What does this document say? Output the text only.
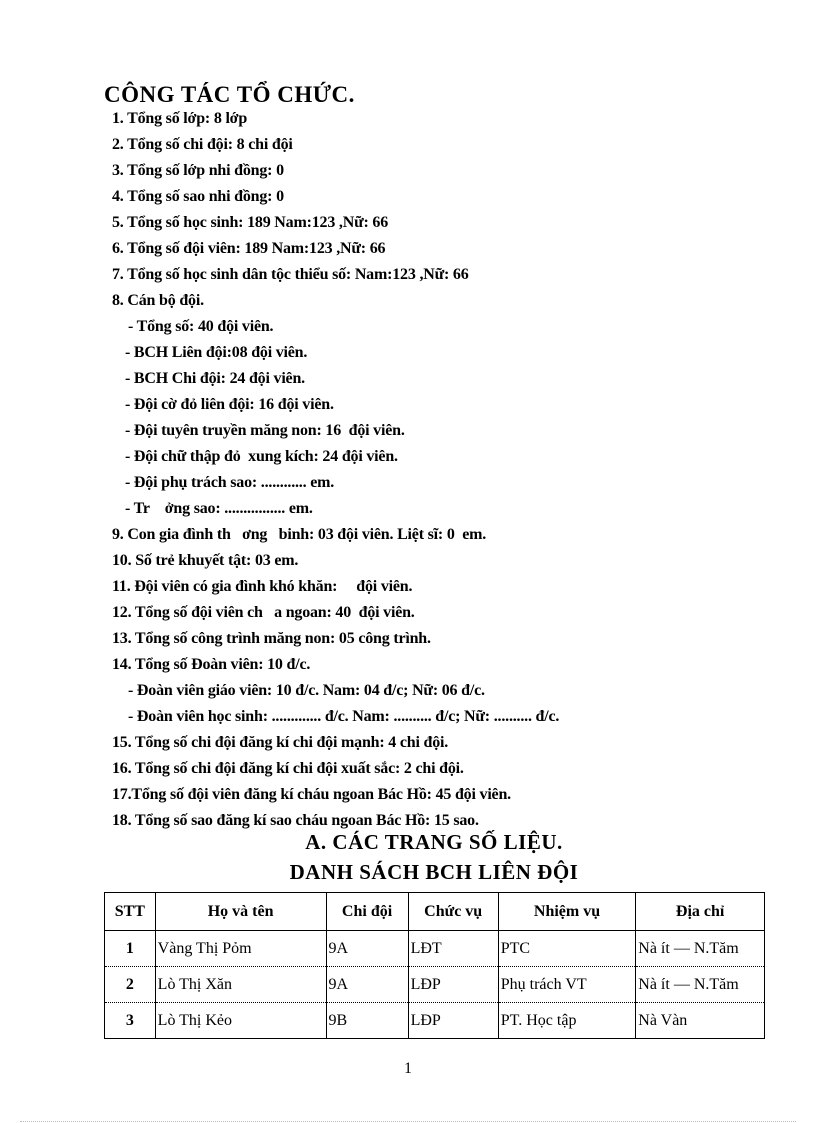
CÔNG TÁC TỔ CHỨC.
1. Tổng số lớp: 8 lớp
2. Tổng số chi đội: 8 chi đội
3. Tổng số lớp nhi đồng: 0
4. Tổng số sao nhi đồng: 0
5. Tổng số học sinh: 189 Nam:123 ,Nữ: 66
6. Tổng số đội viên: 189 Nam:123 ,Nữ: 66
7. Tổng số học sinh dân tộc thiểu số: Nam:123 ,Nữ: 66
8. Cán bộ đội.
- Tổng số: 40 đội viên.
- BCH Liên đội:08 đội viên.
- BCH Chi đội: 24 đội viên.
- Đội cờ đỏ liên đội: 16 đội viên.
- Đội tuyên truyền măng non: 16  đội viên.
- Đội chữ thập đỏ  xung kích: 24 đội viên.
- Đội phụ trách sao: ............ em.
- Tr    ởng sao: ................ em.
9. Con gia đình th   ơng   binh: 03 đội viên. Liệt sĩ: 0  em.
10. Số trẻ khuyết tật: 03 em.
11. Đội viên có gia đình khó khăn:     đội viên.
12. Tổng số đội viên ch   a ngoan: 40  đội viên.
13. Tổng số công trình măng non: 05 công trình.
14. Tổng số Đoàn viên: 10 đ/c.
- Đoàn viên giáo viên: 10 đ/c. Nam: 04 đ/c; Nữ: 06 đ/c.
- Đoàn viên học sinh: ............. đ/c. Nam: .......... đ/c; Nữ: .......... đ/c.
15. Tổng số chi đội đăng kí chi đội mạnh: 4 chi đội.
16. Tổng số chi đội đăng kí chi đội xuất sắc: 2 chi đội.
17.Tổng số đội viên đăng kí cháu ngoan Bác Hồ: 45 đội viên.
18. Tổng số sao đăng kí sao cháu ngoan Bác Hồ: 15 sao.
A. CÁC TRANG SỐ LIỆU.
DANH SÁCH BCH LIÊN ĐỘI
STT	Họ và tên	Chi đội	Chức vụ	Nhiệm vụ	Địa chỉ
1	Vàng Thị Pỏm	9A	LĐT	PTC	Nà ít — N.Tăm
2	Lò Thị Xăn	9A	LĐP	Phụ trách VT	Nà ít — N.Tăm
3	Lò Thị Kẻo	9B	LĐP	PT. Học tập	Nà Vàn
1
